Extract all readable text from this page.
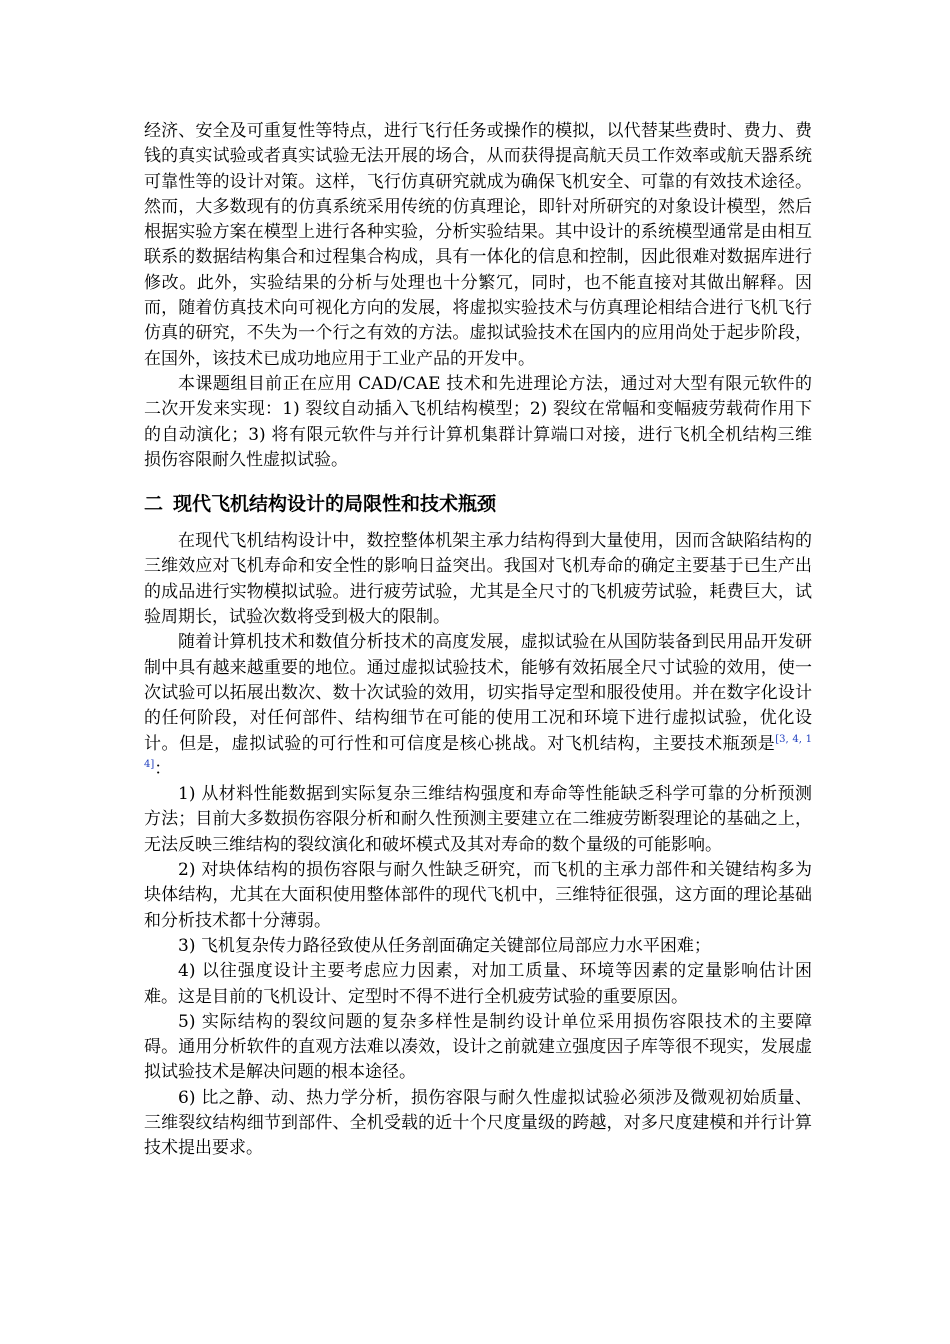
经济、安全及可重复性等特点，进行飞行任务或操作的模拟，以代替某些费时、费力、费钱的真实试验或者真实试验无法开展的场合，从而获得提高航天员工作效率或航天器系统可靠性等的设计对策。这样，飞行仿真研究就成为确保飞机安全、可靠的有效技术途径。然而，大多数现有的仿真系统采用传统的仿真理论，即针对所研究的对象设计模型，然后根据实验方案在模型上进行各种实验，分析实验结果。其中设计的系统模型通常是由相互联系的数据结构集合和过程集合构成，具有一体化的信息和控制，因此很难对数据库进行修改。此外，实验结果的分析与处理也十分繁冗，同时，也不能直接对其做出解释。因而，随着仿真技术向可视化方向的发展，将虚拟实验技术与仿真理论相结合进行飞机飞行仿真的研究，不失为一个行之有效的方法。虚拟试验技术在国内的应用尚处于起步阶段，在国外，该技术已成功地应用于工业产品的开发中。

本课题组目前正在应用 CAD/CAE 技术和先进理论方法，通过对大型有限元软件的二次开发来实现：1) 裂纹自动插入飞机结构模型；2) 裂纹在常幅和变幅疲劳载荷作用下的自动演化；3) 将有限元软件与并行计算机集群计算端口对接，进行飞机全机结构三维损伤容限耐久性虚拟试验。

二 现代飞机结构设计的局限性和技术瓶颈

在现代飞机结构设计中，数控整体机架主承力结构得到大量使用，因而含缺陷结构的三维效应对飞机寿命和安全性的影响日益突出。我国对飞机寿命的确定主要基于已生产出的成品进行实物模拟试验。进行疲劳试验，尤其是全尺寸的飞机疲劳试验，耗费巨大，试验周期长，试验次数将受到极大的限制。

随着计算机技术和数值分析技术的高度发展，虚拟试验在从国防装备到民用品开发研制中具有越来越重要的地位。通过虚拟试验技术，能够有效拓展全尺寸试验的效用，使一次试验可以拓展出数次、数十次试验的效用，切实指导定型和服役使用。并在数字化设计的任何阶段，对任何部件、结构细节在可能的使用工况和环境下进行虚拟试验，优化设计。但是，虚拟试验的可行性和可信度是核心挑战。对飞机结构，主要技术瓶颈是[3, 4, 14]：

1) 从材料性能数据到实际复杂三维结构强度和寿命等性能缺乏科学可靠的分析预测方法；目前大多数损伤容限分析和耐久性预测主要建立在二维疲劳断裂理论的基础之上，无法反映三维结构的裂纹演化和破坏模式及其对寿命的数个量级的可能影响。

2) 对块体结构的损伤容限与耐久性缺乏研究，而飞机的主承力部件和关键结构多为块体结构，尤其在大面积使用整体部件的现代飞机中，三维特征很强，这方面的理论基础和分析技术都十分薄弱。

3) 飞机复杂传力路径致使从任务剖面确定关键部位局部应力水平困难；

4) 以往强度设计主要考虑应力因素，对加工质量、环境等因素的定量影响估计困难。这是目前的飞机设计、定型时不得不进行全机疲劳试验的重要原因。

5) 实际结构的裂纹问题的复杂多样性是制约设计单位采用损伤容限技术的主要障碍。通用分析软件的直观方法难以凑效，设计之前就建立强度因子库等很不现实，发展虚拟试验技术是解决问题的根本途径。

6) 比之静、动、热力学分析，损伤容限与耐久性虚拟试验必须涉及微观初始质量、三维裂纹结构细节到部件、全机受载的近十个尺度量级的跨越，对多尺度建模和并行计算技术提出要求。
